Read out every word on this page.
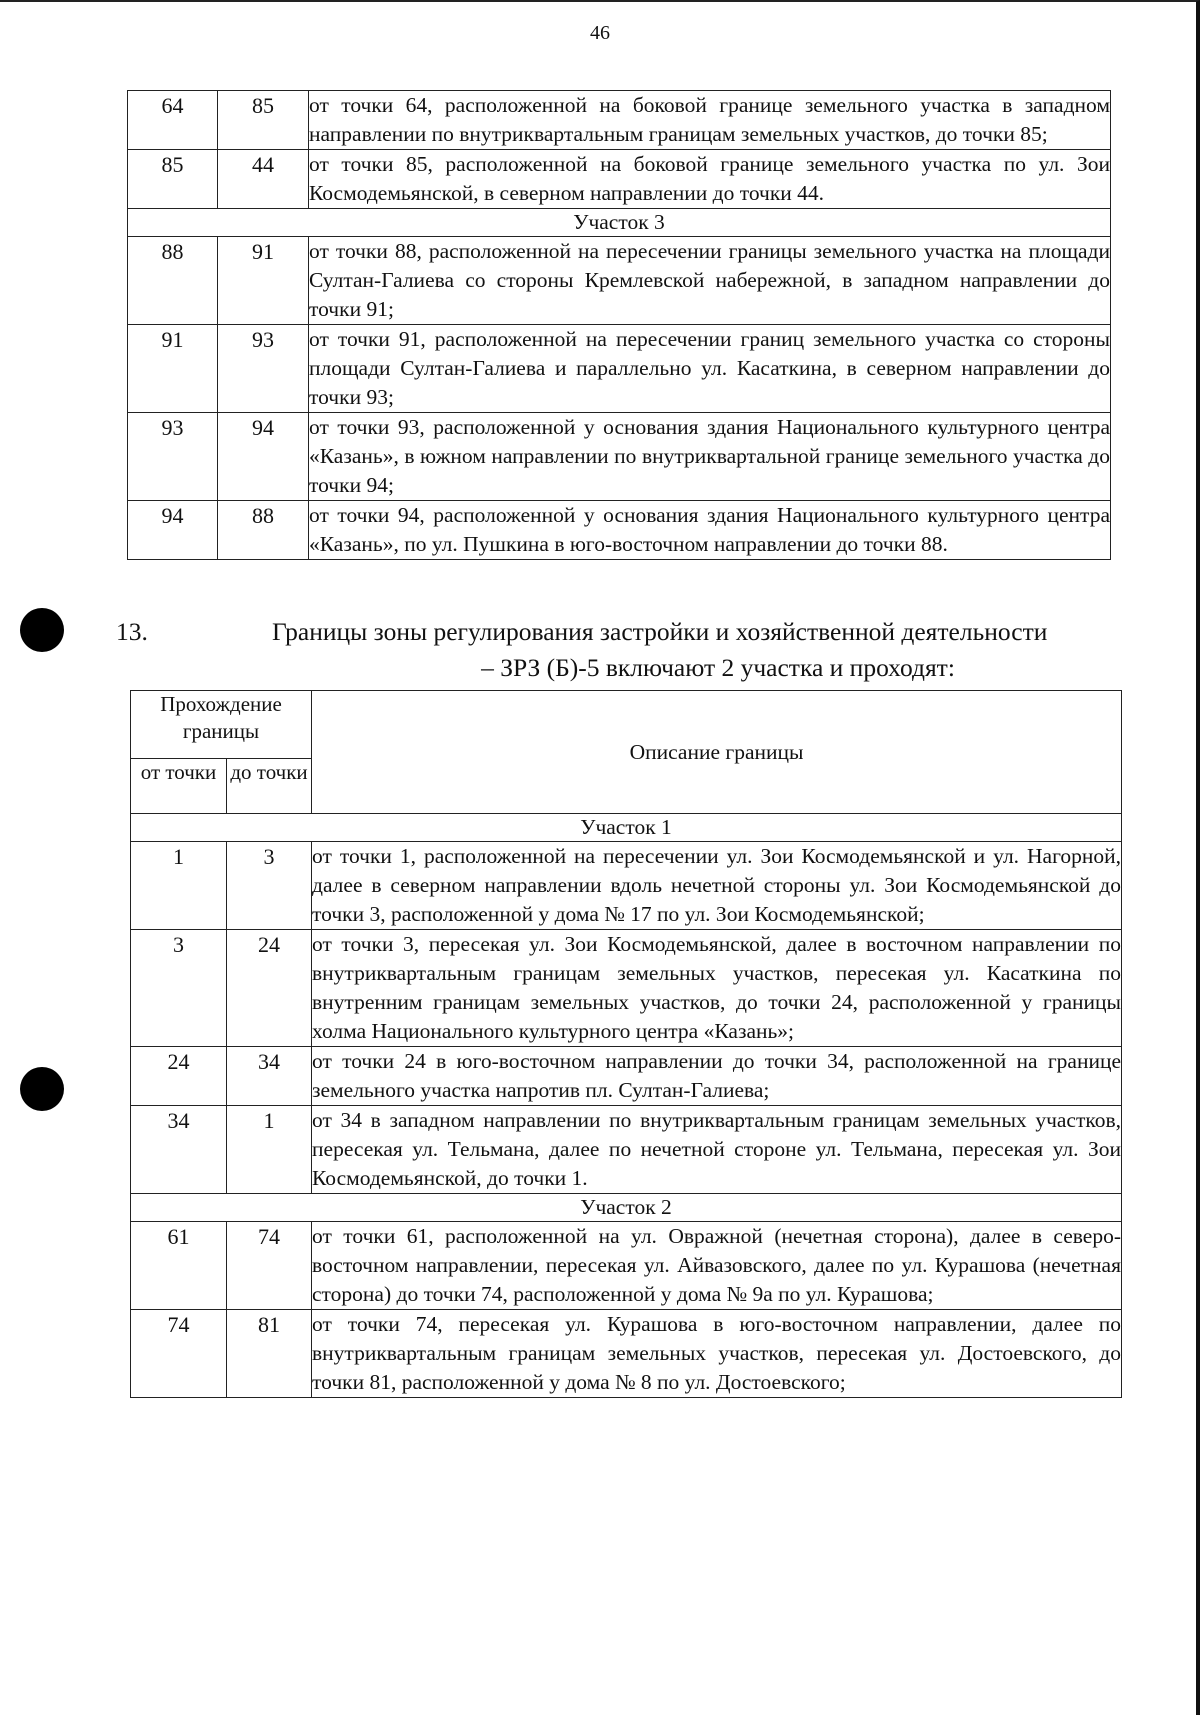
46
64	85	от точки 64, расположенной на боковой границе земельного участка в западном направлении по внутриквартальным границам земельных участков, до точки 85;
85	44	от точки 85, расположенной на боковой границе земельного участка по ул. Зои Космодемьянской, в северном направлении до точки 44.
Участок 3		
88	91	от точки 88, расположенной на пересечении границы земельного участка на площади Султан-Галиева со стороны Кремлевской набережной, в западном направлении до точки 91;
91	93	от точки 91, расположенной на пересечении границ земельного участка со стороны площади Султан-Галиева и параллельно ул. Касаткина, в северном направлении до точки 93;
93	94	от точки 93, расположенной у основания здания Национального культурного центра «Казань», в южном направлении по внутриквартальной границе земельного участка до точки 94;
94	88	от точки 94, расположенной у основания здания Национального культурного центра «Казань», по ул. Пушкина в юго-восточном направлении до точки 88.
13.	Границы зоны регулирования застройки и хозяйственной деятельности
– ЗРЗ (Б)-5 включают 2 участка и проходят:
Прохождение границы		Описание границы
от точки	до точки	
Участок 1		
1	3	от точки 1, расположенной на пересечении ул. Зои Космодемьянской и ул. Нагорной, далее в северном направлении вдоль нечетной стороны ул. Зои Космодемьянской до точки 3, расположенной у дома № 17 по ул. Зои Космодемьянской;
3	24	от точки 3, пересекая ул. Зои Космодемьянской, далее в восточном направлении по внутриквартальным границам земельных участков, пересекая ул. Касаткина по внутренним границам земельных участков, до точки 24, расположенной у границы холма Национального культурного центра «Казань»;
24	34	от точки 24 в юго-восточном направлении до точки 34, расположенной на границе земельного участка напротив пл. Султан-Галиева;
34	1	от 34 в западном направлении по внутриквартальным границам земельных участков, пересекая ул. Тельмана, далее по нечетной стороне ул. Тельмана, пересекая ул. Зои Космодемьянской, до точки 1.
Участок 2		
61	74	от точки 61, расположенной на ул. Овражной (нечетная сторона), далее в северо-восточном направлении, пересекая ул. Айвазовского, далее по ул. Курашова (нечетная сторона) до точки 74, расположенной у дома № 9а по ул. Курашова;
74	81	от точки 74, пересекая ул. Курашова в юго-восточном направлении, далее по внутриквартальным границам земельных участков, пересекая ул. Достоевского, до точки 81, расположенной у дома № 8 по ул. Достоевского;
